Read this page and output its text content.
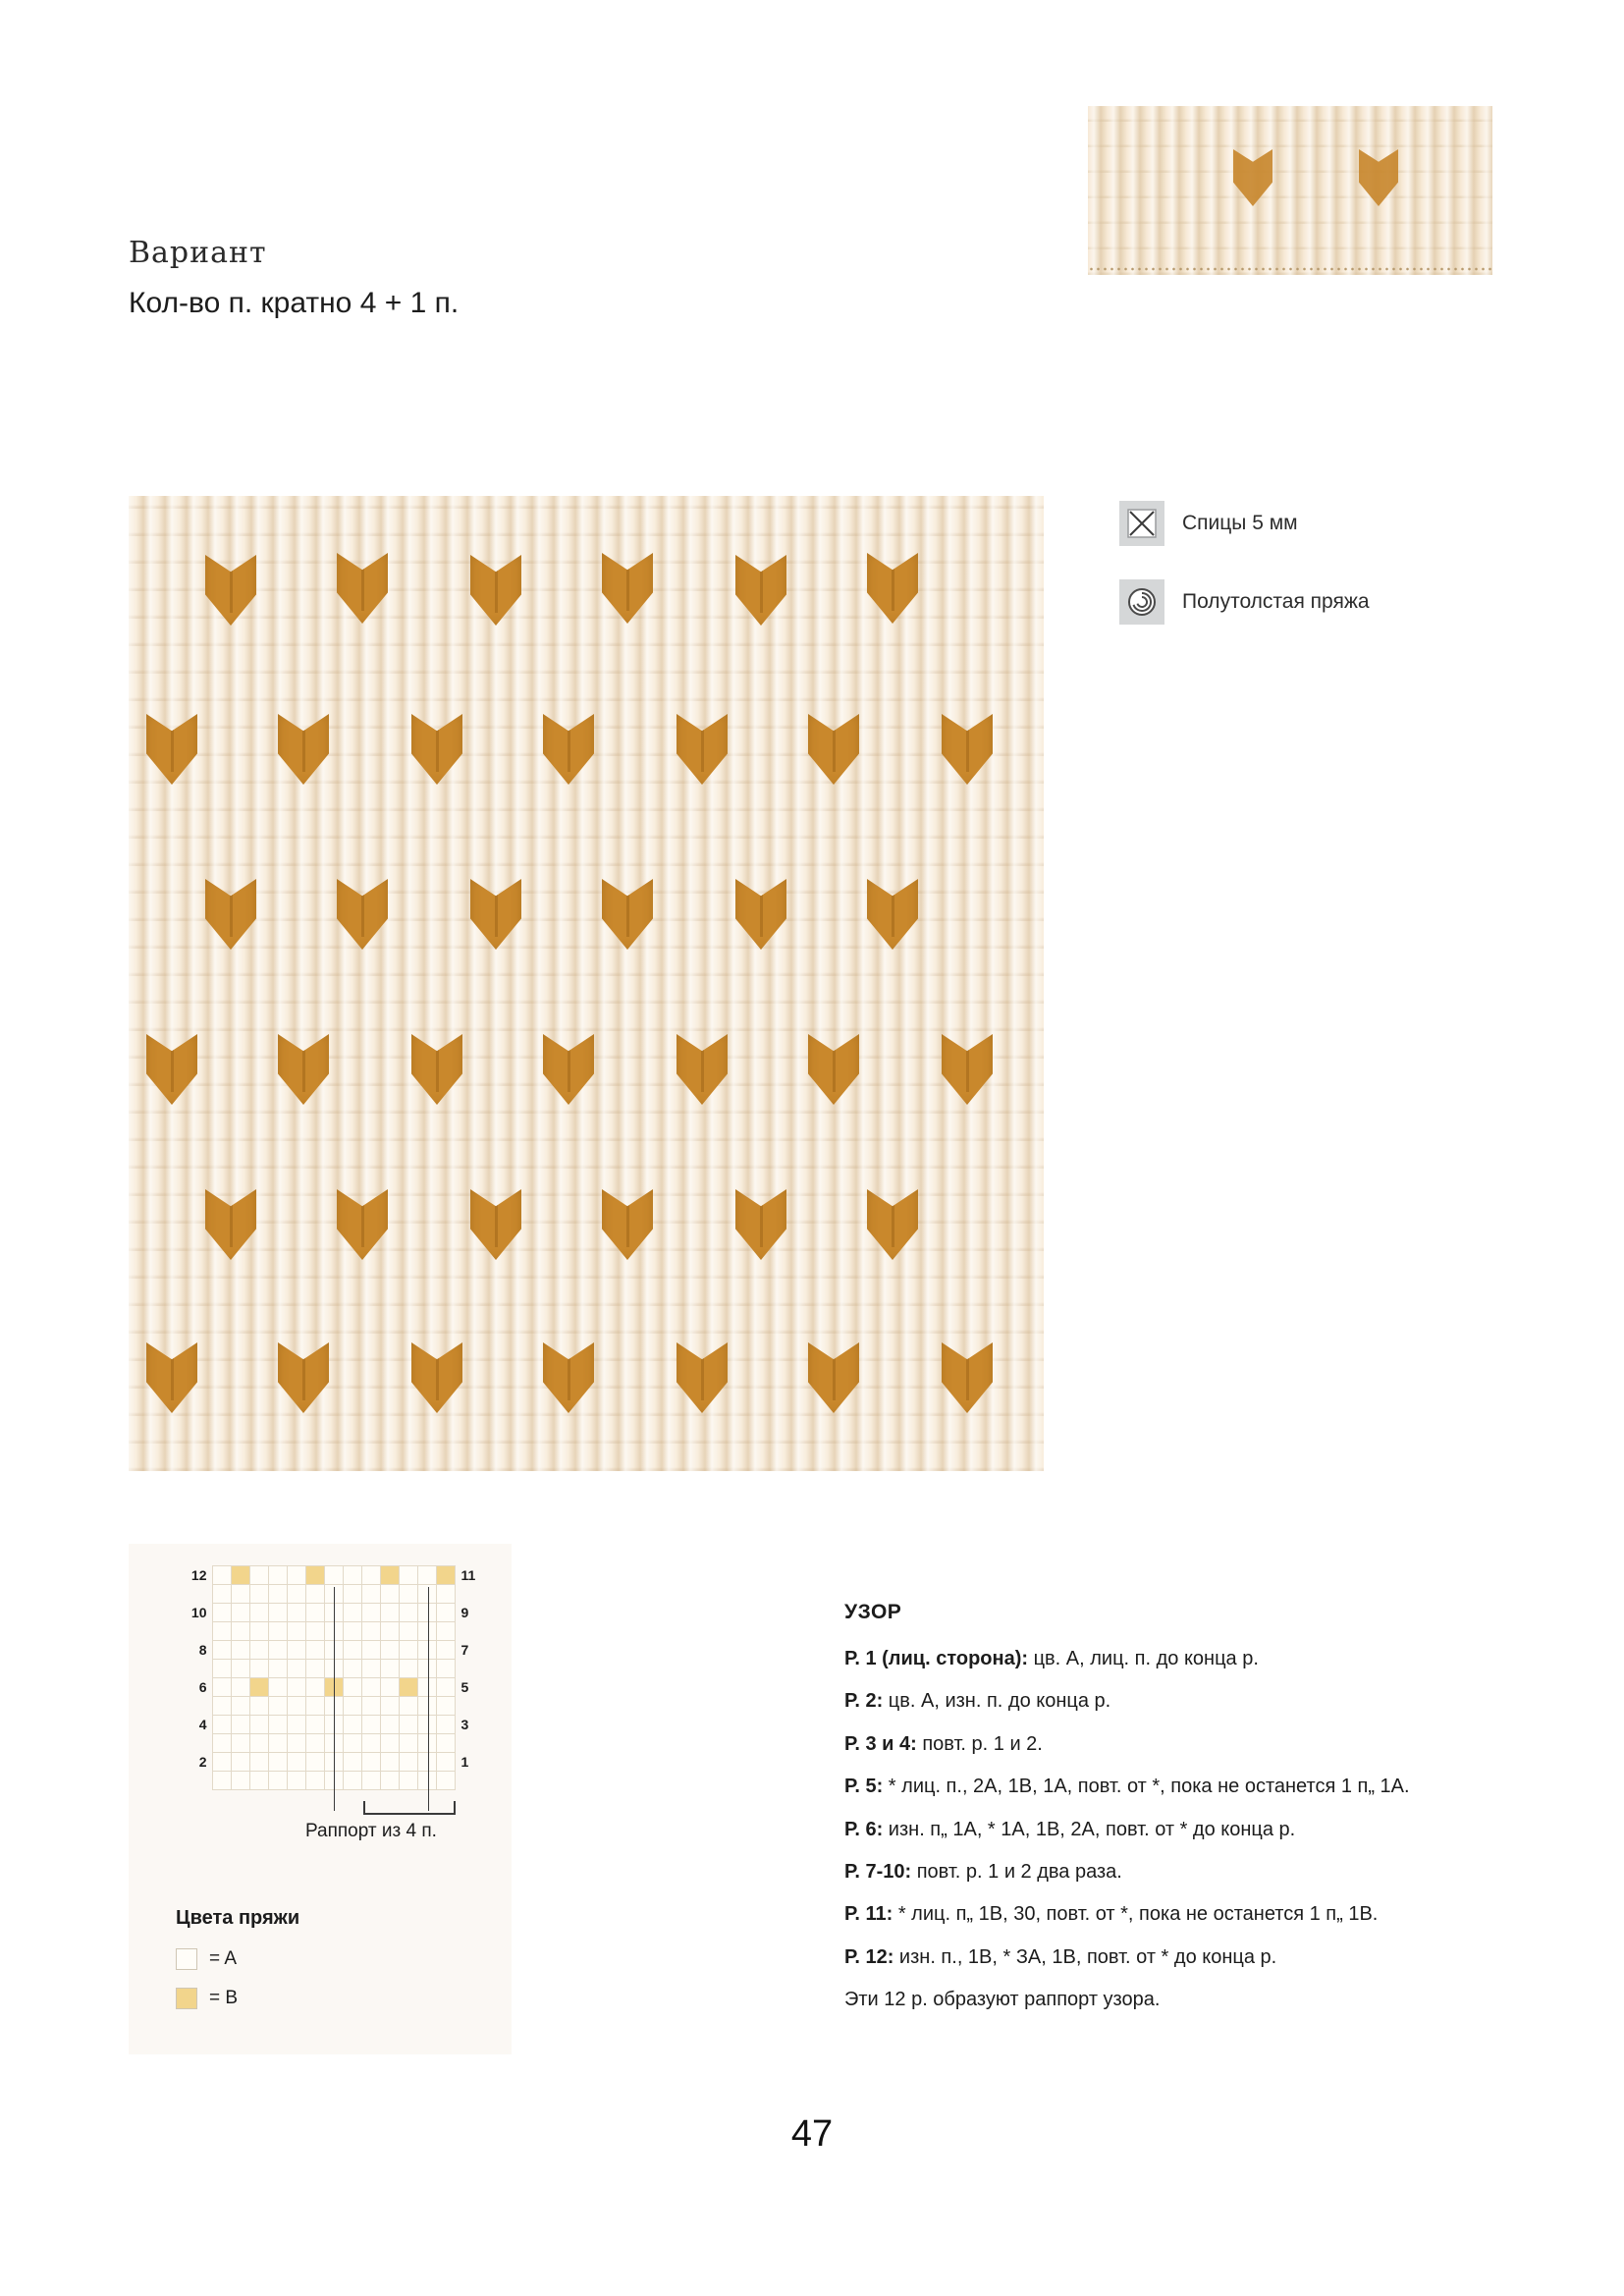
Вариант
Кол-во п. кратно 4 + 1 п.
Спицы 5 мм
Полутолстая пряжа
12														11

10														9

8														7

6														5

4														3

2														1

Раппорт из 4 п.
Цвета пряжи
= A
= B
УЗОР
Р. 1 (лиц. сторона): цв. А, лиц. п. до конца р.
Р. 2: цв. А, изн. п. до конца р.
Р. 3 и 4: повт. р. 1 и 2.
Р. 5: * лиц. п., 2А, 1В, 1А, повт. от *, пока не останется 1 п„ 1А.
Р. 6: изн. п„ 1А, * 1А, 1В, 2А, повт. от * до конца р.
Р. 7-10: повт. р. 1 и 2 два раза.
Р. 11: * лиц. п„ 1В, 30, повт. от *, пока не останется 1 п„ 1В.
Р. 12: изн. п., 1В, * ЗА, 1В, повт. от * до конца р.
Эти 12 р. образуют раппорт узора.
47
